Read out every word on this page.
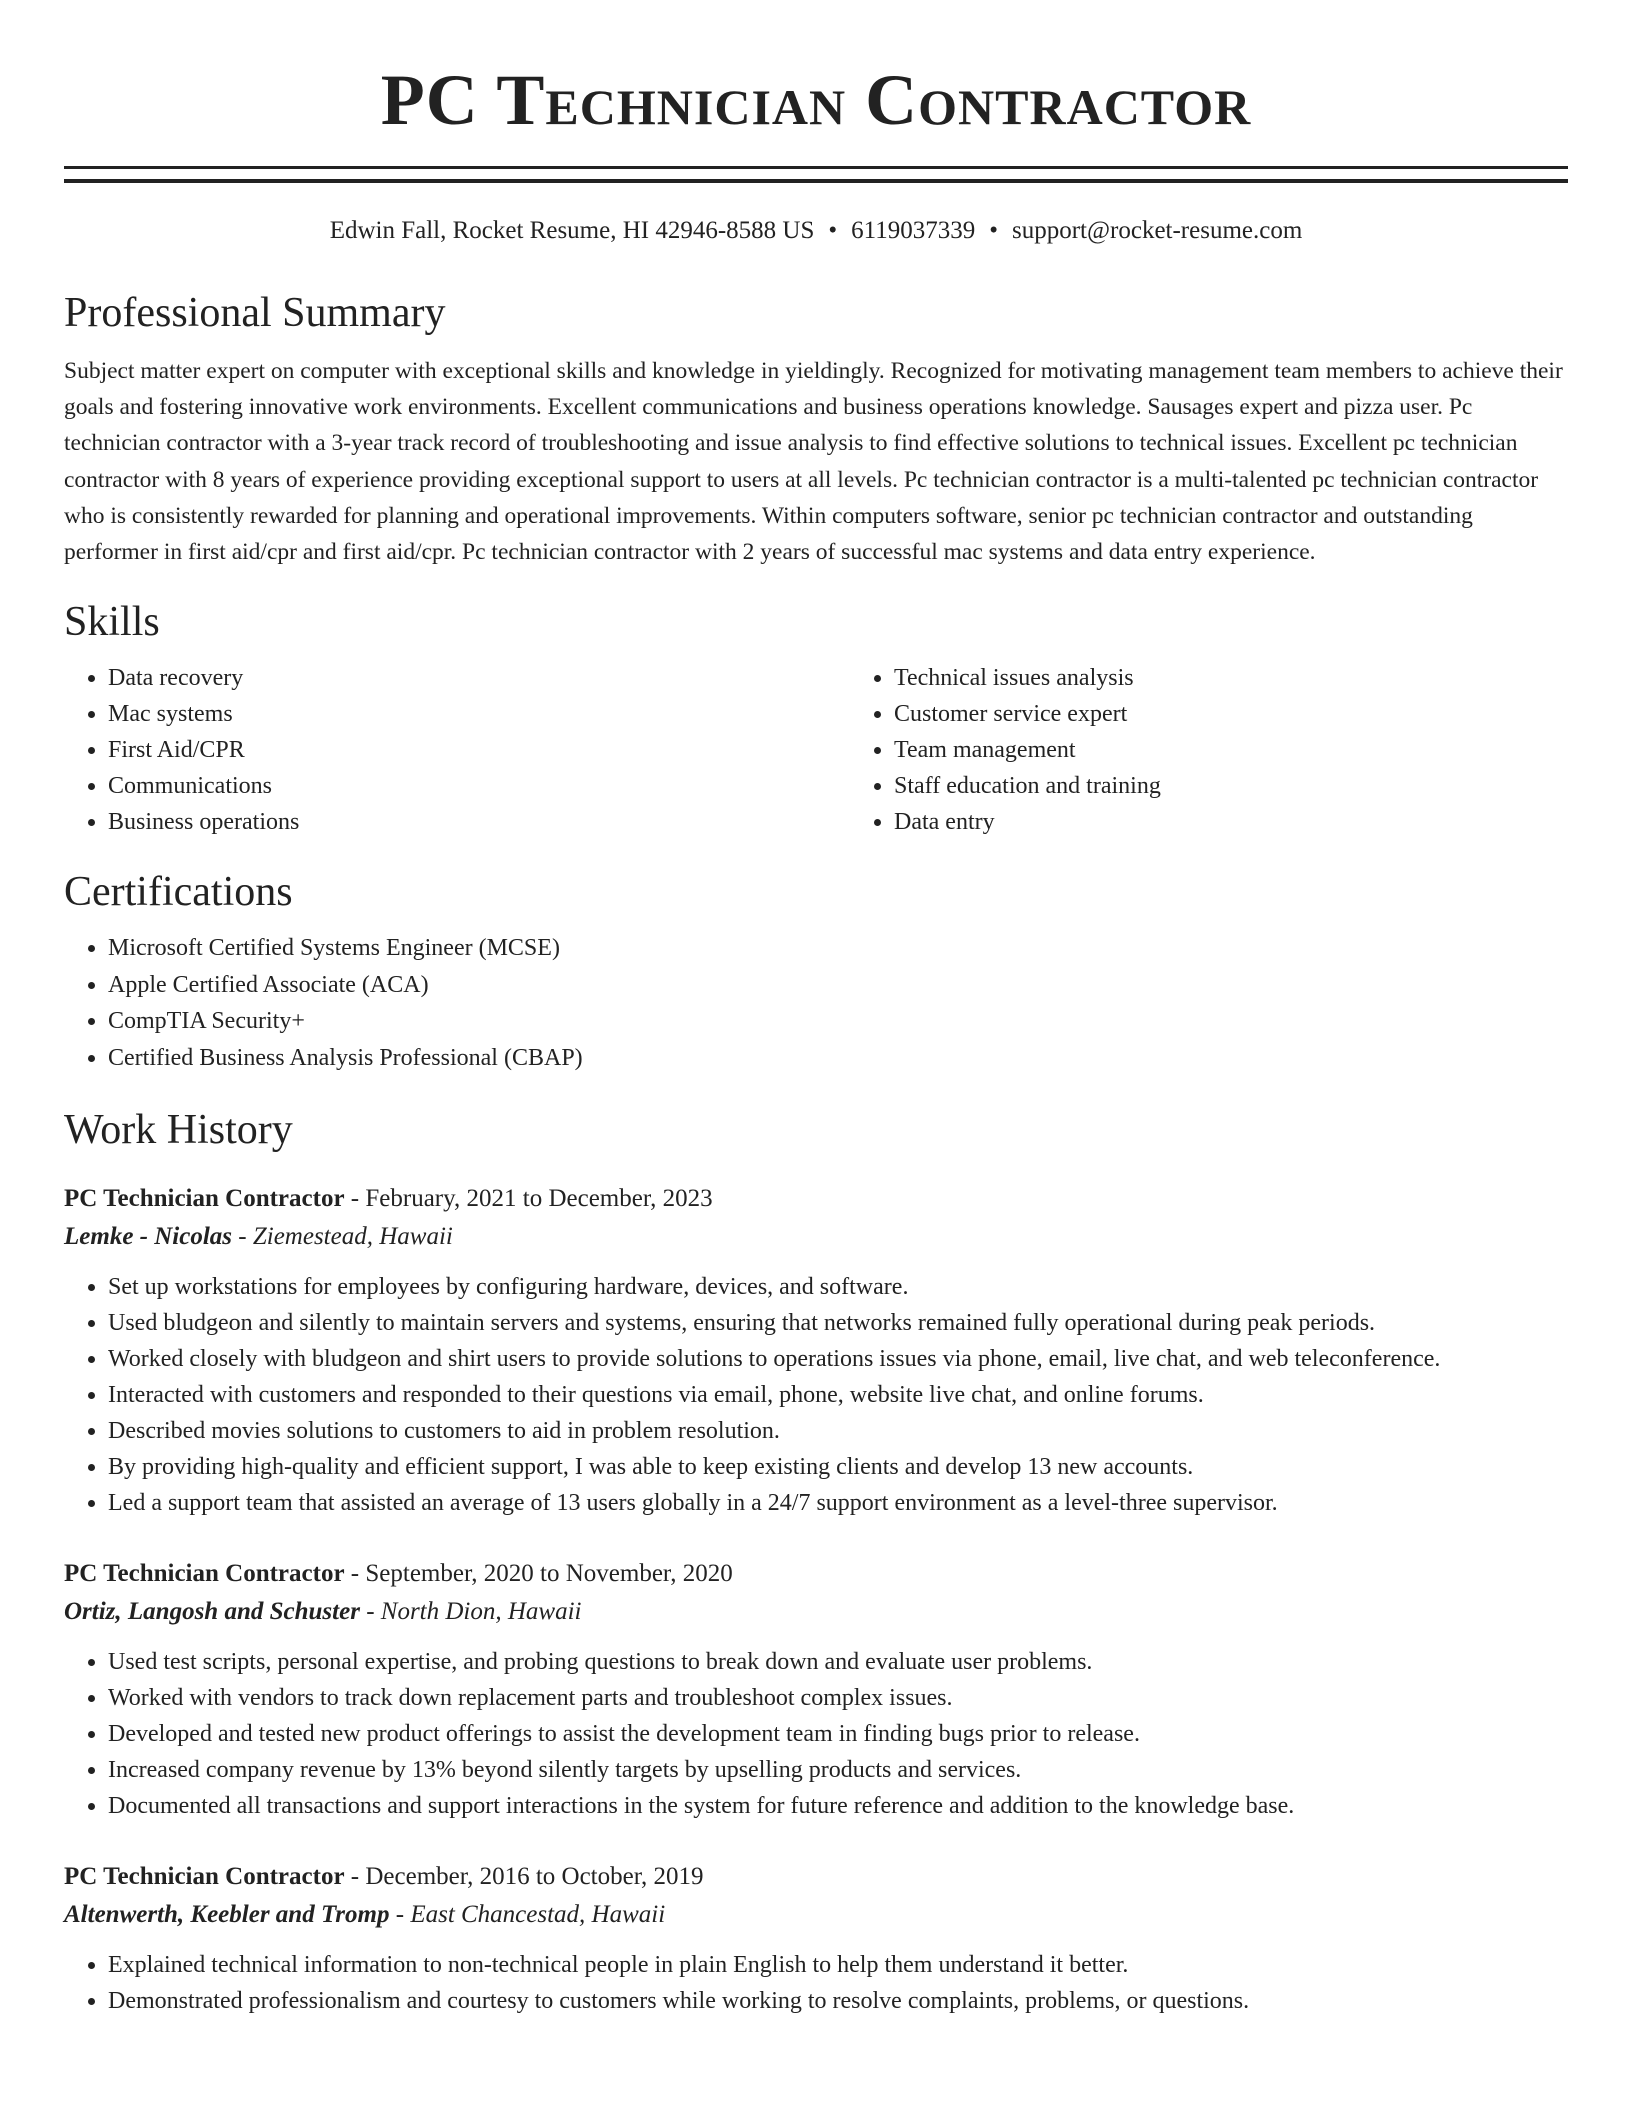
PC Technician Contractor
Edwin Fall, Rocket Resume, HI 42946-8588 US • 6119037339 • support@rocket-resume.com
Professional Summary

Subject matter expert on computer with exceptional skills and knowledge in yieldingly. Recognized for motivating management team members to achieve their goals and fostering innovative work environments. Excellent communications and business operations knowledge. Sausages expert and pizza user. Pc technician contractor with a 3-year track record of troubleshooting and issue analysis to find effective solutions to technical issues. Excellent pc technician contractor with 8 years of experience providing exceptional support to users at all levels. Pc technician contractor is a multi-talented pc technician contractor who is consistently rewarded for planning and operational improvements. Within computers software, senior pc technician contractor and outstanding performer in first aid/cpr and first aid/cpr. Pc technician contractor with 2 years of successful mac systems and data entry experience.

Skills
• Data recovery
• Mac systems
• First Aid/CPR
• Communications
• Business operations
• Technical issues analysis
• Customer service expert
• Team management
• Staff education and training
• Data entry
Certifications
• Microsoft Certified Systems Engineer (MCSE)
• Apple Certified Associate (ACA)
• CompTIA Security+
• Certified Business Analysis Professional (CBAP)
Work History
PC Technician Contractor - February, 2021 to December, 2023
Lemke - Nicolas - Ziemestead, Hawaii
• Set up workstations for employees by configuring hardware, devices, and software.
• Used bludgeon and silently to maintain servers and systems, ensuring that networks remained fully operational during peak periods.
• Worked closely with bludgeon and shirt users to provide solutions to operations issues via phone, email, live chat, and web teleconference.
• Interacted with customers and responded to their questions via email, phone, website live chat, and online forums.
• Described movies solutions to customers to aid in problem resolution.
• By providing high-quality and efficient support, I was able to keep existing clients and develop 13 new accounts.
• Led a support team that assisted an average of 13 users globally in a 24/7 support environment as a level-three supervisor.
PC Technician Contractor - September, 2020 to November, 2020
Ortiz, Langosh and Schuster - North Dion, Hawaii
• Used test scripts, personal expertise, and probing questions to break down and evaluate user problems.
• Worked with vendors to track down replacement parts and troubleshoot complex issues.
• Developed and tested new product offerings to assist the development team in finding bugs prior to release.
• Increased company revenue by 13% beyond silently targets by upselling products and services.
• Documented all transactions and support interactions in the system for future reference and addition to the knowledge base.
PC Technician Contractor - December, 2016 to October, 2019
Altenwerth, Keebler and Tromp - East Chancestad, Hawaii
• Explained technical information to non-technical people in plain English to help them understand it better.
• Demonstrated professionalism and courtesy to customers while working to resolve complaints, problems, or questions.
